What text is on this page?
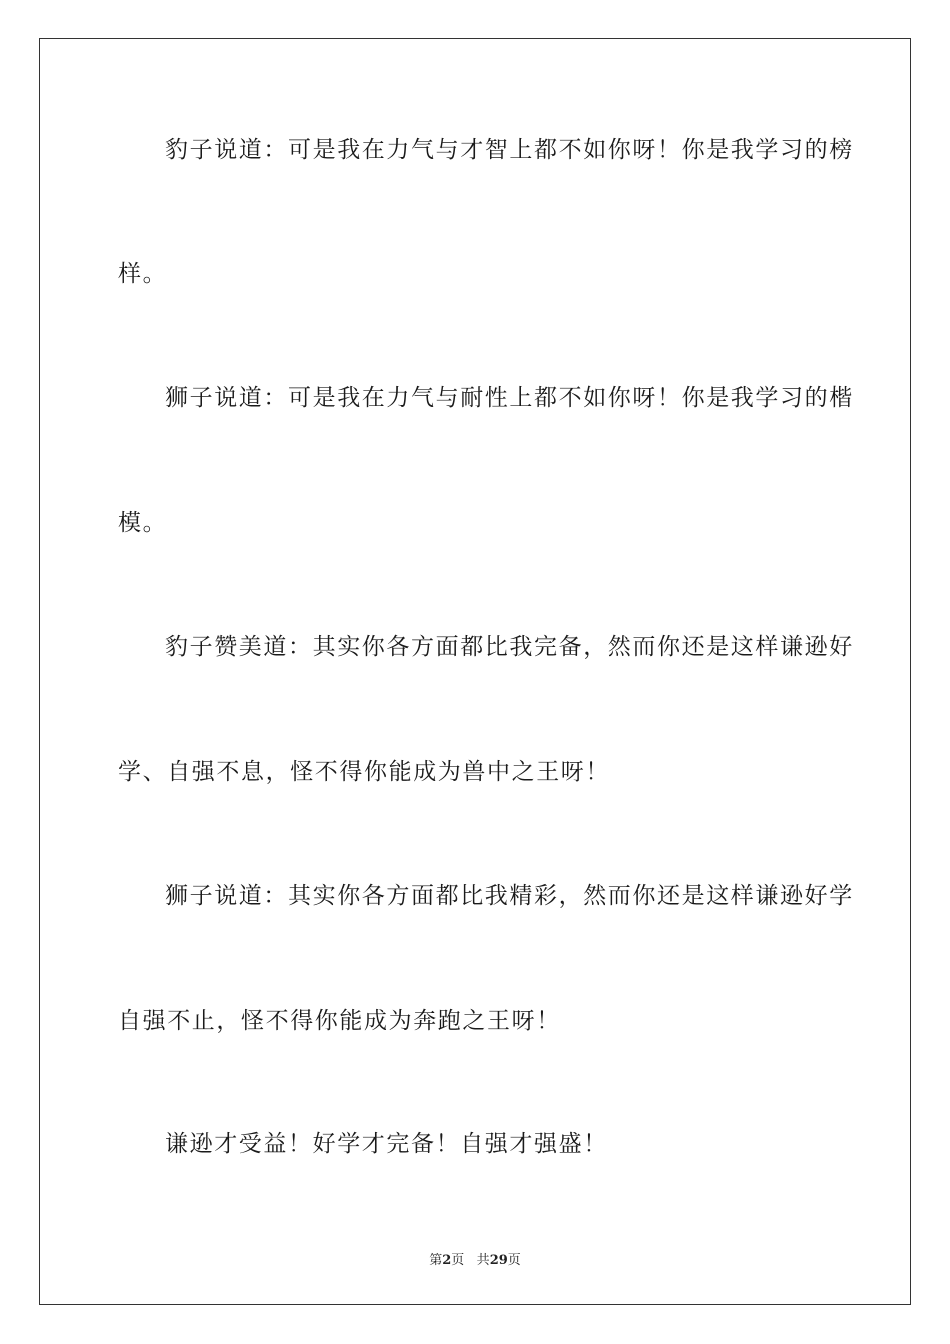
豹子说道：可是我在力气与才智上都不如你呀！你是我学习的榜
样。
狮子说道：可是我在力气与耐性上都不如你呀！你是我学习的楷
模。
豹子赞美道：其实你各方面都比我完备，然而你还是这样谦逊好
学、自强不息，怪不得你能成为兽中之王呀！
狮子说道：其实你各方面都比我精彩，然而你还是这样谦逊好学
自强不止，怪不得你能成为奔跑之王呀！
谦逊才受益！好学才完备！自强才强盛！
第2页 共29页
